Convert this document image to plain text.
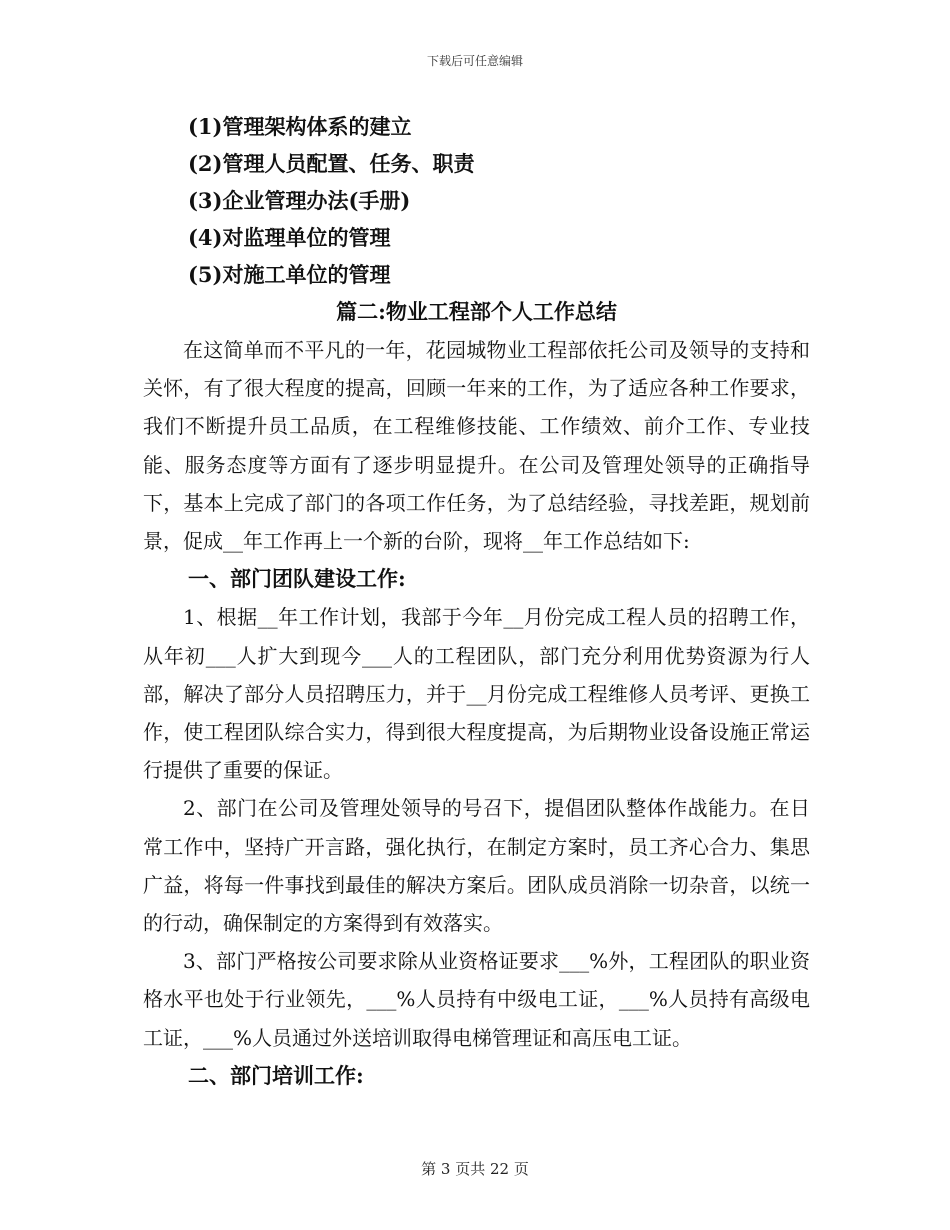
下载后可任意编辑
(1)管理架构体系的建立
(2)管理人员配置、任务、职责
(3)企业管理办法(手册)
(4)对监理单位的管理
(5)对施工单位的管理
篇二:物业工程部个人工作总结

在这简单而不平凡的一年，花园城物业工程部依托公司及领导的支持和关怀，有了很大程度的提高，回顾一年来的工作，为了适应各种工作要求，我们不断提升员工品质，在工程维修技能、工作绩效、前介工作、专业技能、服务态度等方面有了逐步明显提升。在公司及管理处领导的正确指导下，基本上完成了部门的各项工作任务，为了总结经验，寻找差距，规划前景，促成__年工作再上一个新的台阶，现将__年工作总结如下:

一、部门团队建设工作:

1、根据__年工作计划，我部于今年__月份完成工程人员的招聘工作，从年初___人扩大到现今___人的工程团队，部门充分利用优势资源为行人部，解决了部分人员招聘压力，并于__月份完成工程维修人员考评、更换工作，使工程团队综合实力，得到很大程度提高，为后期物业设备设施正常运行提供了重要的保证。

2、部门在公司及管理处领导的号召下，提倡团队整体作战能力。在日常工作中，坚持广开言路，强化执行，在制定方案时，员工齐心合力、集思广益，将每一件事找到最佳的解决方案后。团队成员消除一切杂音，以统一的行动，确保制定的方案得到有效落实。

3、部门严格按公司要求除从业资格证要求___%外，工程团队的职业资格水平也处于行业领先，___%人员持有中级电工证，___%人员持有高级电工证，___%人员通过外送培训取得电梯管理证和高压电工证。

二、部门培训工作:
第 3 页共 22 页
